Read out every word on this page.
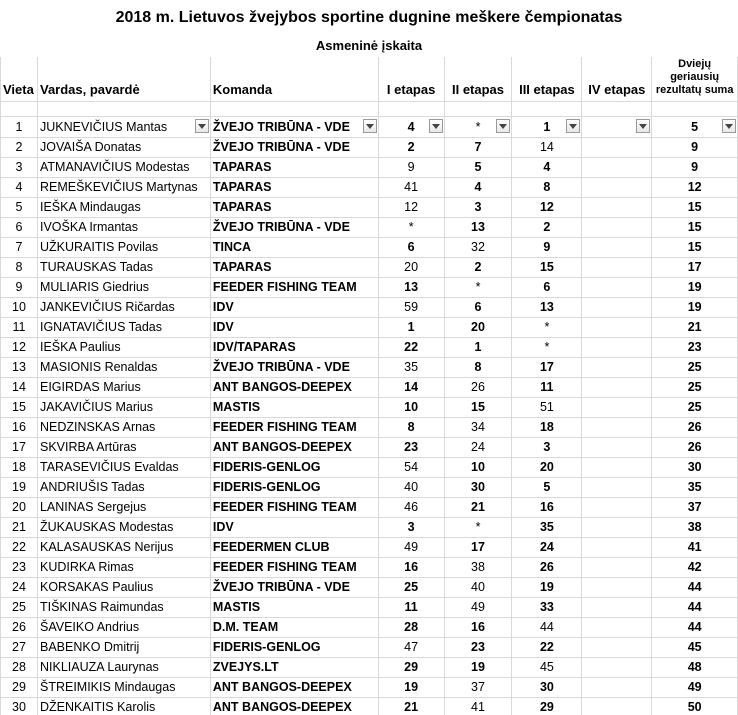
2018 m. Lietuvos žvejybos sportine dugnine meškere čempionatas							
Asmeninė įskaita							
Vieta	Vardas, pavardė	Komanda	I etapas	II etapas	III etapas	IV etapas	Dviejų geriausių rezultatų suma

1	JUKNEVIČIUS Mantas	ŽVEJO TRIBŪNA - VDE	4	*	1		5

2	JOVAIŠA Donatas	ŽVEJO TRIBŪNA - VDE	2	7	14		9

3	ATMANAVIČIUS Modestas	TAPARAS	9	5	4		9

4	REMEŠKEVIČIUS Martynas	TAPARAS	41	4	8		12

5	IEŠKA Mindaugas	TAPARAS	12	3	12		15

6	IVOŠKA Irmantas	ŽVEJO TRIBŪNA - VDE	*	13	2		15

7	UŽKURAITIS Povilas	TINCA	6	32	9		15

8	TURAUSKAS Tadas	TAPARAS	20	2	15		17

9	MULIARIS Giedrius	FEEDER FISHING TEAM	13	*	6		19

10	JANKEVIČIUS Ričardas	IDV	59	6	13		19

11	IGNATAVIČIUS Tadas	IDV	1	20	*		21

12	IEŠKA Paulius	IDV/TAPARAS	22	1	*		23

13	MASIONIS Renaldas	ŽVEJO TRIBŪNA - VDE	35	8	17		25

14	EIGIRDAS Marius	ANT BANGOS-DEEPEX	14	26	11		25

15	JAKAVIČIUS Marius	MASTIS	10	15	51		25

16	NEDZINSKAS Arnas	FEEDER FISHING TEAM	8	34	18		26

17	SKVIRBA Artūras	ANT BANGOS-DEEPEX	23	24	3		26

18	TARASEVIČIUS Evaldas	FIDERIS-GENLOG	54	10	20		30

19	ANDRIUŠIS Tadas	FIDERIS-GENLOG	40	30	5		35

20	LANINAS Sergejus	FEEDER FISHING TEAM	46	21	16		37

21	ŽUKAUSKAS Modestas	IDV	3	*	35		38

22	KALASAUSKAS Nerijus	FEEDERMEN CLUB	49	17	24		41

23	KUDIRKA Rimas	FEEDER FISHING TEAM	16	38	26		42

24	KORSAKAS Paulius	ŽVEJO TRIBŪNA - VDE	25	40	19		44

25	TIŠKINAS Raimundas	MASTIS	11	49	33		44

26	ŠAVEIKO Andrius	D.M. TEAM	28	16	44		44

27	BABENKO Dmitrij	FIDERIS-GENLOG	47	23	22		45

28	NIKLIAUZA Laurynas	ZVEJYS.LT	29	19	45		48

29	ŠTREIMIKIS Mindaugas	ANT BANGOS-DEEPEX	19	37	30		49

30	DŽENKAITIS Karolis	ANT BANGOS-DEEPEX	21	41	29		50
